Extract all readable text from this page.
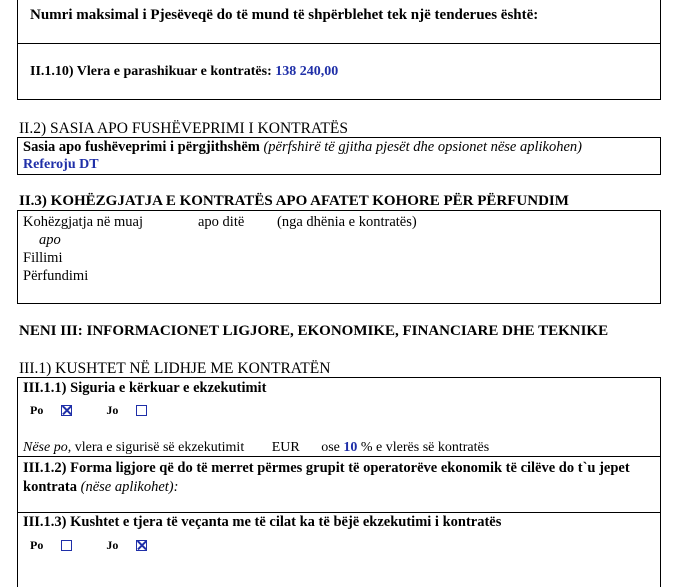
Numri maksimal i Pjesëveqë do të mund të shpërblehet tek një tenderues është:
II.1.10) Vlera e parashikuar e kontratës: 138 240,00
II.2) SASIA APO FUSHËVEPRIMI I KONTRATËS
Sasia apo fushëveprimi i përgjithshëm (përfshirë të gjitha pjesët dhe opsionet nëse aplikohen)
Referoju DT
II.3) KOHËZGJATJA E KONTRATËS APO AFATET KOHORE PËR PËRFUNDIM
Kohëzgjatja në muaj	apo ditë (nga dhënia e kontratës)
apo
Fillimi
Përfundimi
NENI III: INFORMACIONET LIGJORE, EKONOMIKE, FINANCIARE DHE TEKNIKE
III.1) KUSHTET NË LIDHJE ME KONTRATËN
III.1.1) Siguria e kërkuar e ekzekutimit
Po	Jo
Nëse po, vlera e sigurisë së ekzekutimit EUR ose 10 % e vlerës së kontratës
III.1.2) Forma ligjore që do të merret përmes grupit të operatorëve ekonomik të cilëve do t`u jepet kontrata (nëse aplikohet):
III.1.3) Kushtet e tjera të veçanta me të cilat ka të bëjë ekzekutimi i kontratës
Po	Jo
